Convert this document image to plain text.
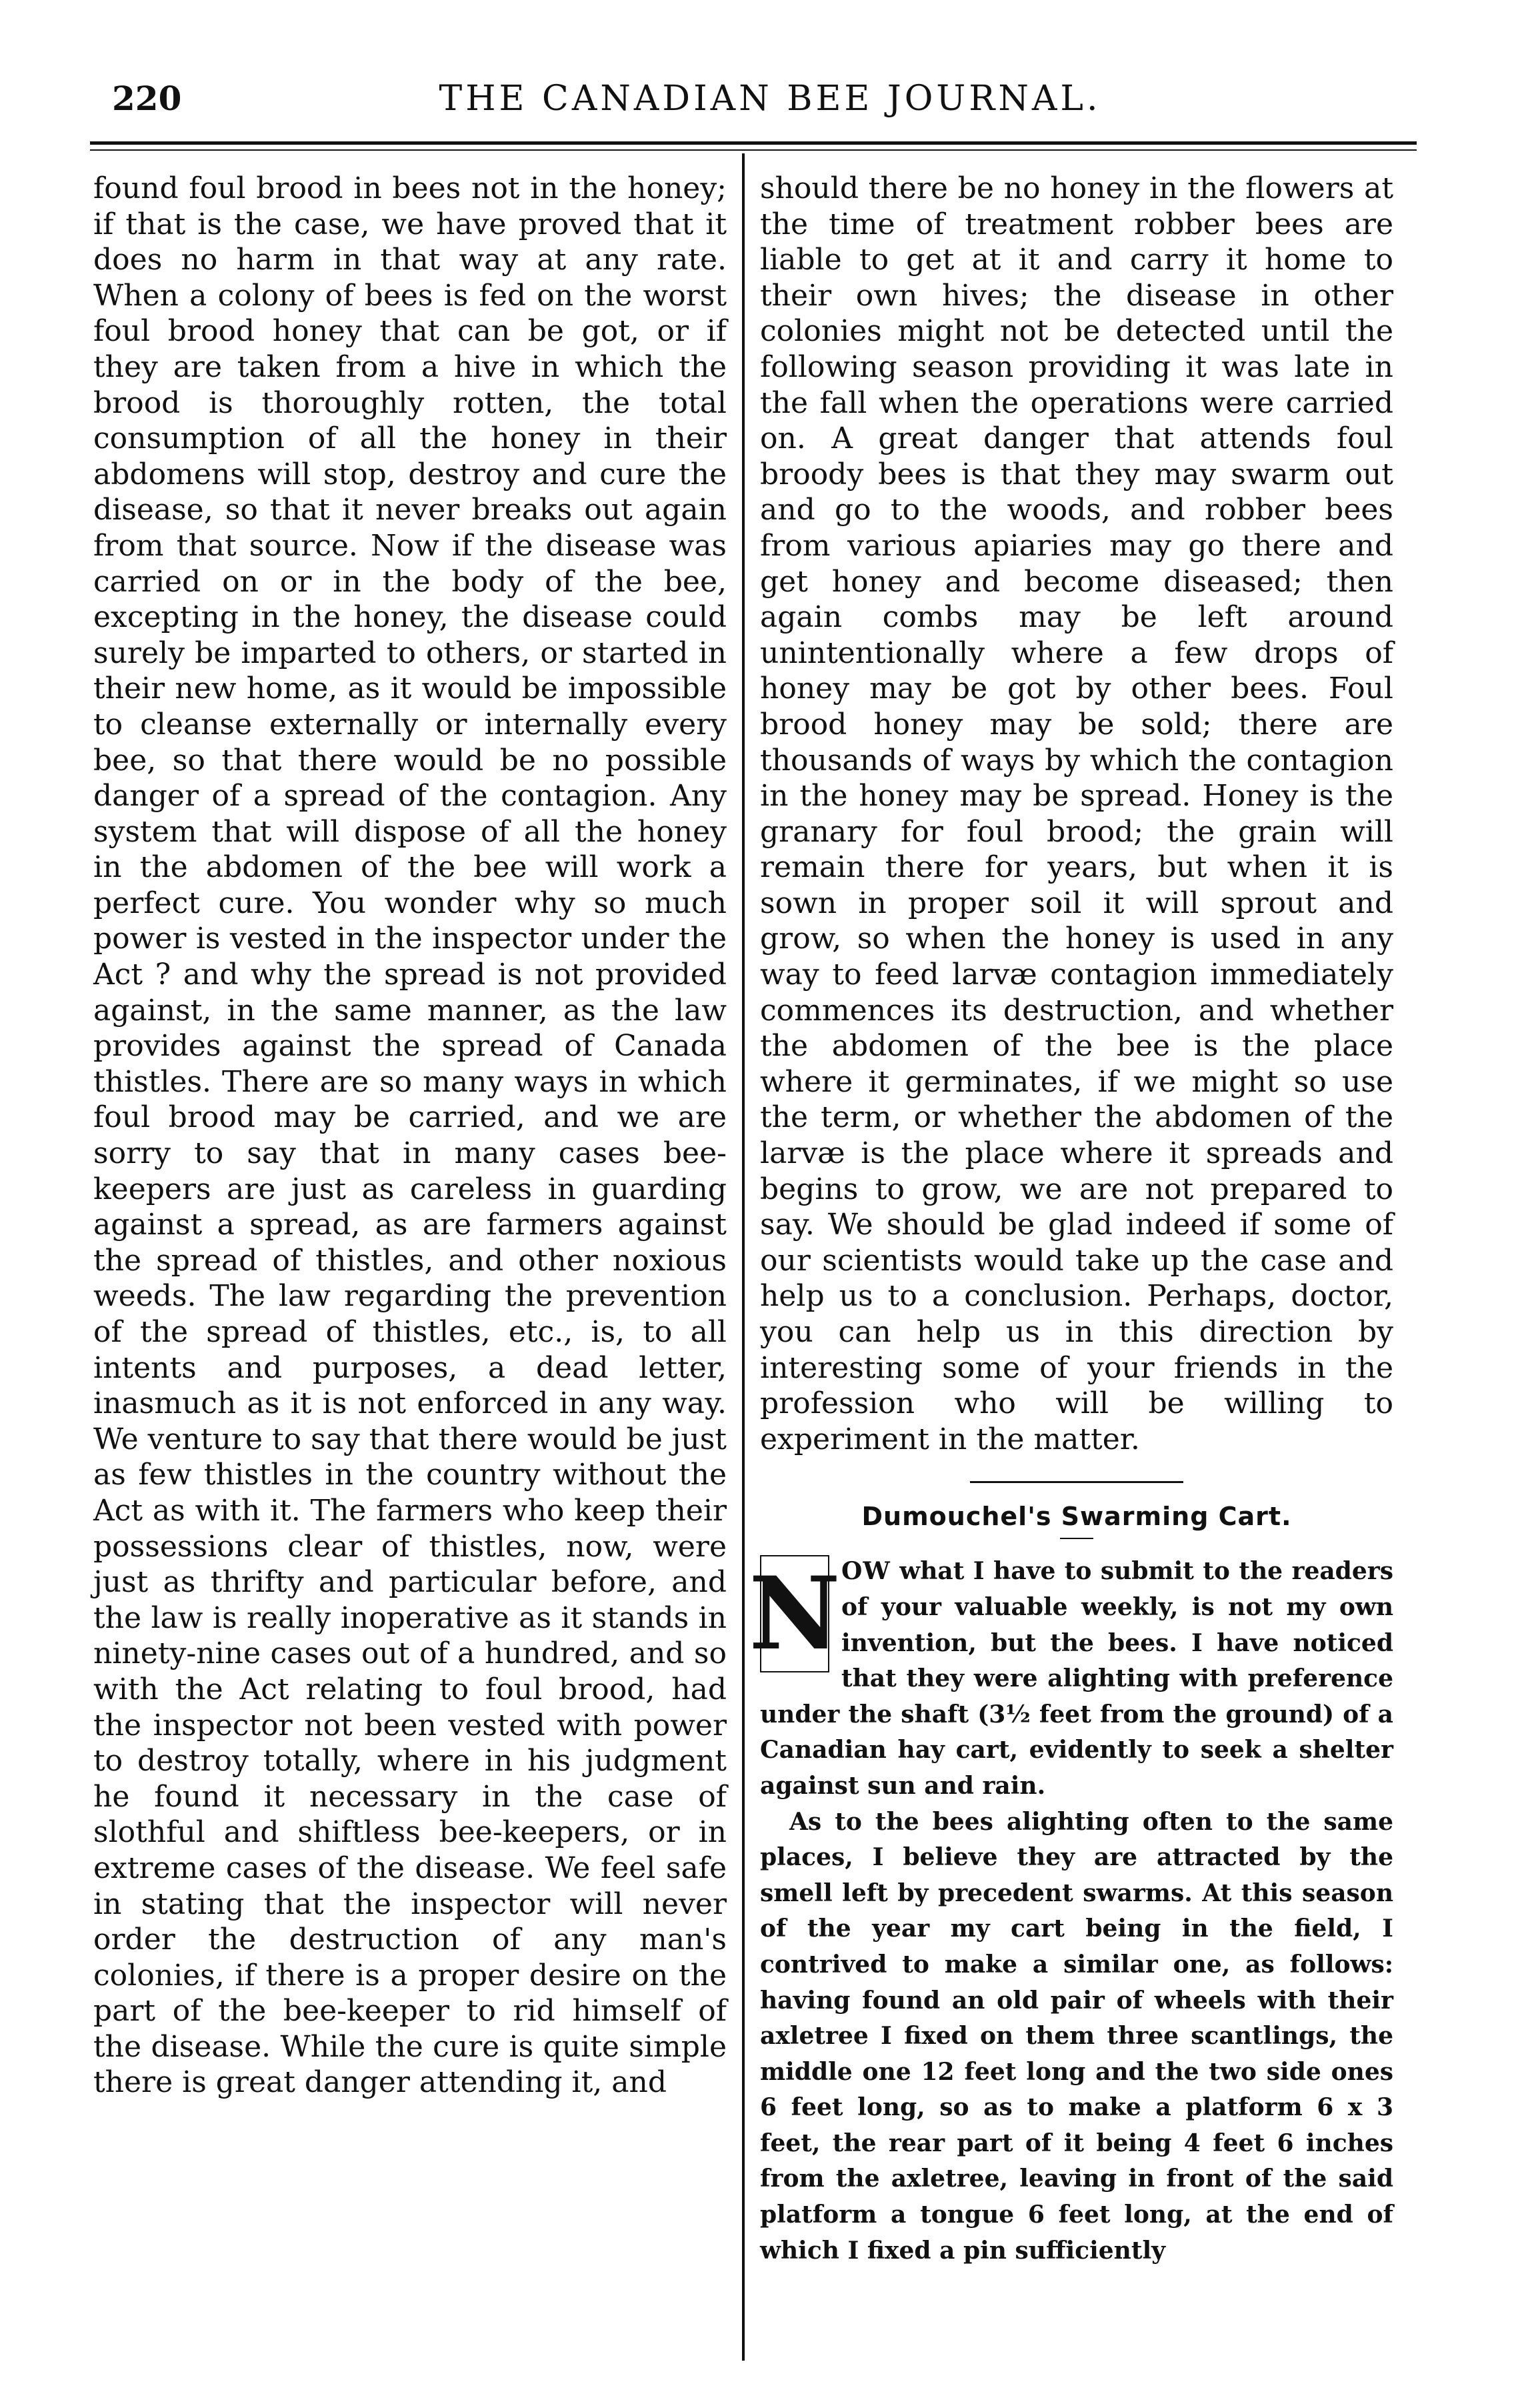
220	THE CANADIAN BEE JOURNAL.

found foul brood in bees not in the honey; if that is the case, we have proved that it does no harm in that way at any rate. When a colony of bees is fed on the worst foul brood honey that can be got, or if they are taken from a hive in which the brood is thoroughly rotten, the total consumption of all the honey in their abdomens will stop, destroy and cure the disease, so that it never breaks out again from that source. Now if the disease was carried on or in the body of the bee, excepting in the honey, the disease could surely be imparted to others, or started in their new home, as it would be impossible to cleanse externally or internally every bee, so that there would be no possible danger of a spread of the contagion. Any system that will dispose of all the honey in the abdomen of the bee will work a perfect cure. You wonder why so much power is vested in the inspector under the Act ? and why the spread is not provided against, in the same manner, as the law provides against the spread of Canada thistles. There are so many ways in which foul brood may be carried, and we are sorry to say that in many cases bee-keepers are just as careless in guarding against a spread, as are farmers against the spread of thistles, and other noxious weeds. The law regarding the prevention of the spread of thistles, etc., is, to all intents and purposes, a dead letter, inasmuch as it is not enforced in any way. We venture to say that there would be just as few thistles in the country without the Act as with it. The farmers who keep their possessions clear of thistles, now, were just as thrifty and particular before, and the law is really inoperative as it stands in ninety-nine cases out of a hundred, and so with the Act relating to foul brood, had the inspector not been vested with power to destroy totally, where in his judgment he found it necessary in the case of slothful and shiftless bee-keepers, or in extreme cases of the disease. We feel safe in stating that the inspector will never order the destruction of any man's colonies, if there is a proper desire on the part of the bee-keeper to rid himself of the disease. While the cure is quite simple there is great danger attending it, and

should there be no honey in the flowers at the time of treatment robber bees are liable to get at it and carry it home to their own hives; the disease in other colonies might not be detected until the following season providing it was late in the fall when the operations were carried on. A great danger that attends foul broody bees is that they may swarm out and go to the woods, and robber bees from various apiaries may go there and get honey and become diseased; then again combs may be left around unintentionally where a few drops of honey may be got by other bees. Foul brood honey may be sold; there are thousands of ways by which the contagion in the honey may be spread. Honey is the granary for foul brood; the grain will remain there for years, but when it is sown in proper soil it will sprout and grow, so when the honey is used in any way to feed larvæ contagion immediately commences its destruction, and whether the abdomen of the bee is the place where it germinates, if we might so use the term, or whether the abdomen of the larvæ is the place where it spreads and begins to grow, we are not prepared to say. We should be glad indeed if some of our scientists would take up the case and help us to a conclusion. Perhaps, doctor, you can help us in this direction by interesting some of your friends in the profession who will be willing to experiment in the matter.

Dumouchel's Swarming Cart.

N OW what I have to submit to the readers of your valuable weekly, is not my own invention, but the bees. I have noticed that they were alighting with preference under the shaft (3½ feet from the ground) of a Canadian hay cart, evidently to seek a shelter against sun and rain.

As to the bees alighting often to the same places, I believe they are attracted by the smell left by precedent swarms. At this season of the year my cart being in the field, I contrived to make a similar one, as follows: having found an old pair of wheels with their axletree I fixed on them three scantlings, the middle one 12 feet long and the two side ones 6 feet long, so as to make a platform 6 x 3 feet, the rear part of it being 4 feet 6 inches from the axletree, leaving in front of the said platform a tongue 6 feet long, at the end of which I fixed a pin sufficiently
